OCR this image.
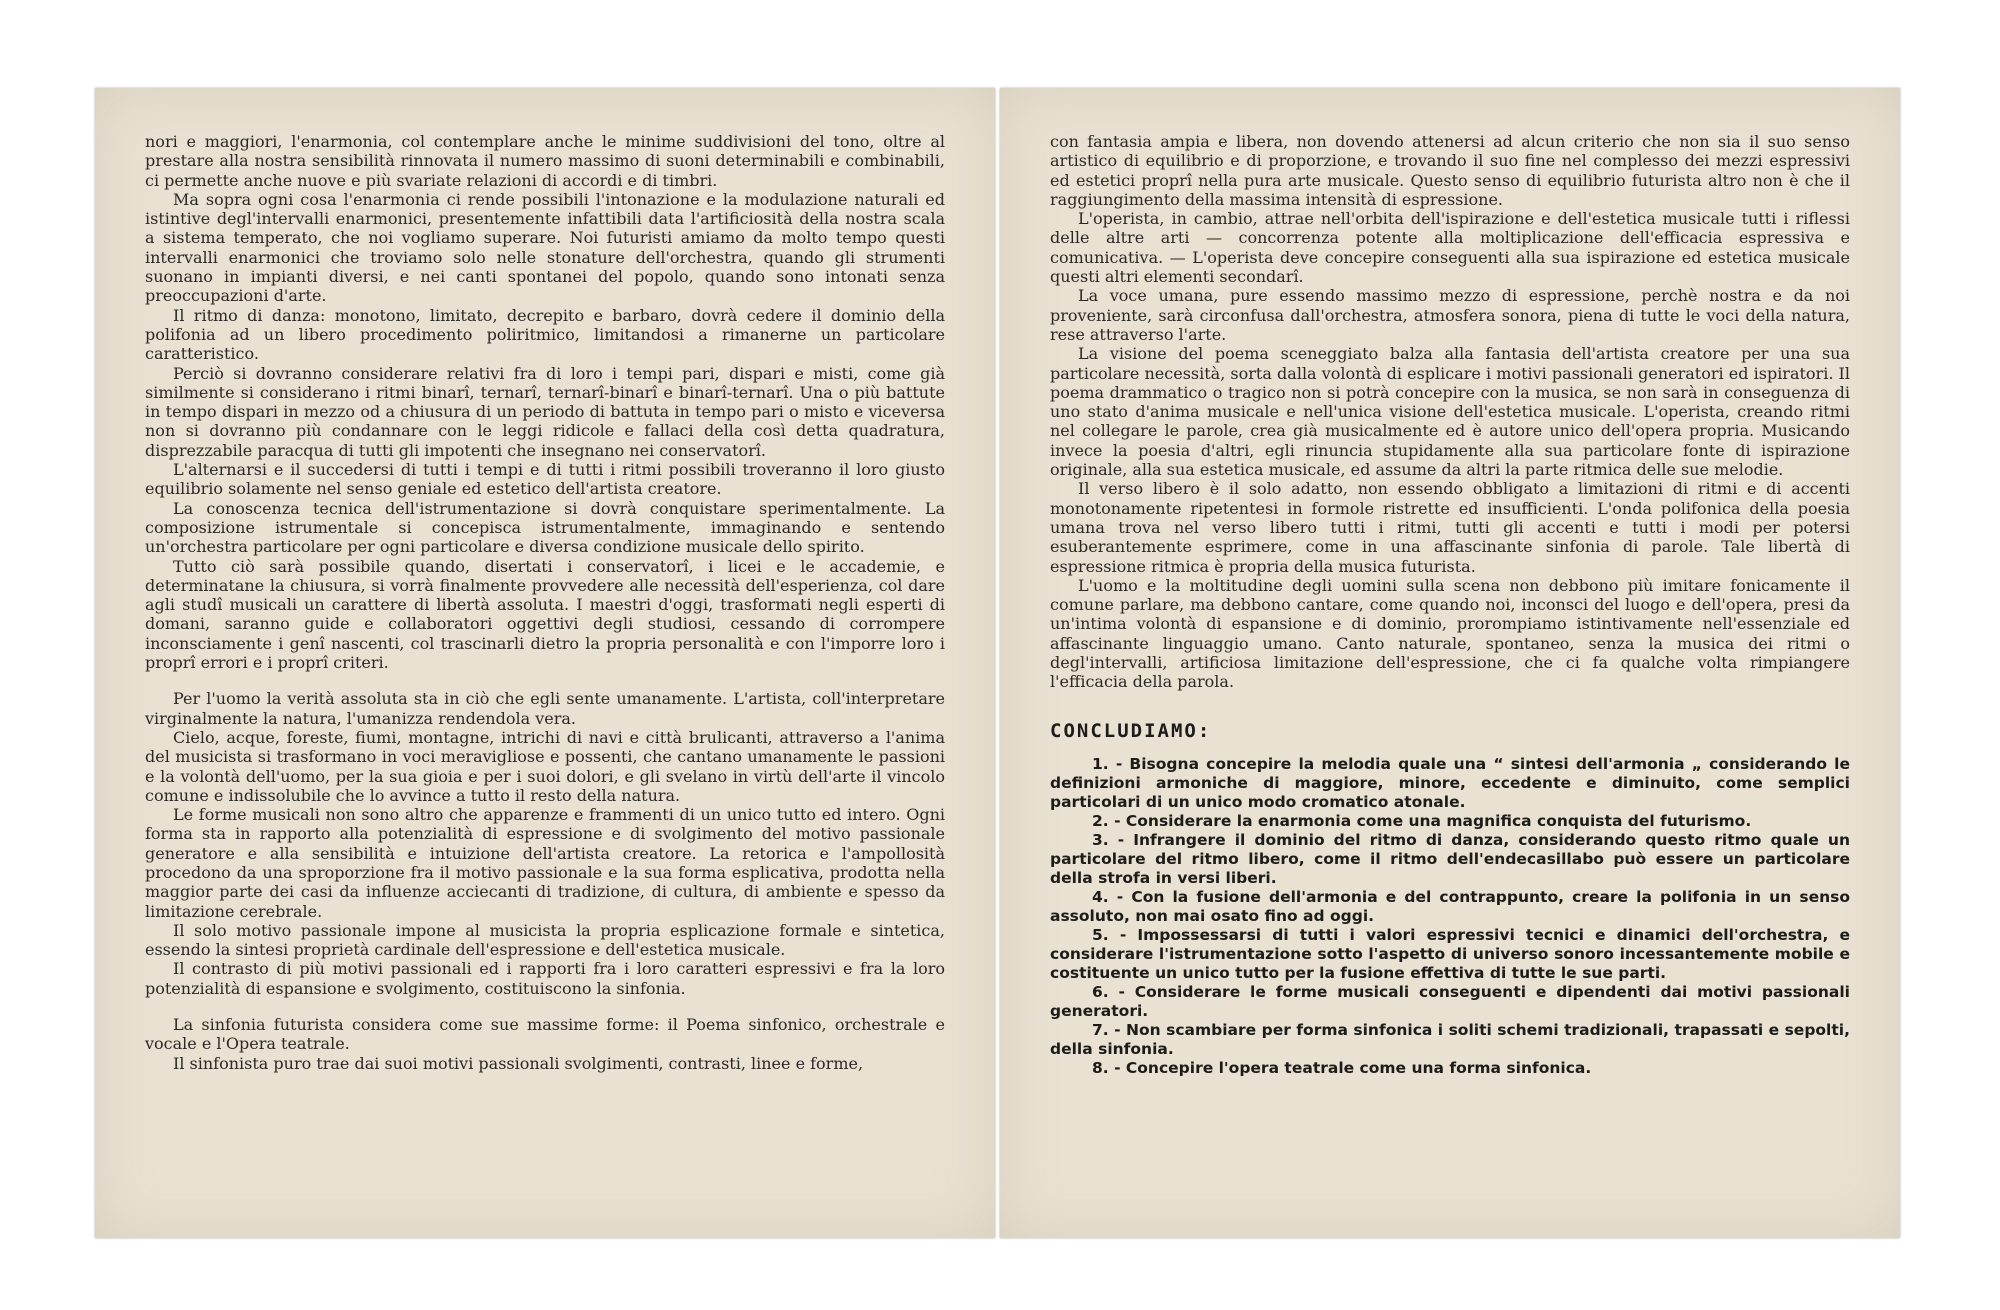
nori e maggiori, l'enarmonia, col contemplare anche le minime suddivisioni del tono, oltre al prestare alla nostra sensibilità rinnovata il numero massimo di suoni determinabili e combinabili, ci permette anche nuove e più svariate relazioni di accordi e di timbri.

Ma sopra ogni cosa l'enarmonia ci rende possibili l'intonazione e la modulazione naturali ed istintive degl'intervalli enarmonici, presentemente infattibili data l'artificiosità della nostra scala a sistema temperato, che noi vogliamo superare. Noi futuristi amiamo da molto tempo questi intervalli enarmonici che troviamo solo nelle stonature dell'orchestra, quando gli strumenti suonano in impianti diversi, e nei canti spontanei del popolo, quando sono intonati senza preoccupazioni d'arte.

Il ritmo di danza: monotono, limitato, decrepito e barbaro, dovrà cedere il dominio della polifonia ad un libero procedimento poliritmico, limitandosi a rimanerne un particolare caratteristico.

Perciò si dovranno considerare relativi fra di loro i tempi pari, dispari e misti, come già similmente si considerano i ritmi binarî, ternarî, ternarî-binarî e binarî-ternarî. Una o più battute in tempo dispari in mezzo od a chiusura di un periodo di battuta in tempo pari o misto e viceversa non si dovranno più condannare con le leggi ridicole e fallaci della così detta quadratura, disprezzabile paracqua di tutti gli impotenti che insegnano nei conservatorî.

L'alternarsi e il succedersi di tutti i tempi e di tutti i ritmi possibili troveranno il loro giusto equilibrio solamente nel senso geniale ed estetico dell'artista creatore.

La conoscenza tecnica dell'istrumentazione si dovrà conquistare sperimentalmente. La composizione istrumentale si concepisca istrumentalmente, immaginando e sentendo un'orchestra particolare per ogni particolare e diversa condizione musicale dello spirito.

Tutto ciò sarà possibile quando, disertati i conservatorî, i licei e le accademie, e determinatane la chiusura, si vorrà finalmente provvedere alle necessità dell'esperienza, col dare agli studî musicali un carattere di libertà assoluta. I maestri d'oggi, trasformati negli esperti di domani, saranno guide e collaboratori oggettivi degli studiosi, cessando di corrompere inconsciamente i genî nascenti, col trascinarli dietro la propria personalità e con l'imporre loro i proprî errori e i proprî criteri.

Per l'uomo la verità assoluta sta in ciò che egli sente umanamente. L'artista, coll'interpretare virginalmente la natura, l'umanizza rendendola vera.

Cielo, acque, foreste, fiumi, montagne, intrichi di navi e città brulicanti, attraverso a l'anima del musicista si trasformano in voci meravigliose e possenti, che cantano umanamente le passioni e la volontà dell'uomo, per la sua gioia e per i suoi dolori, e gli svelano in virtù dell'arte il vincolo comune e indissolubile che lo avvince a tutto il resto della natura.

Le forme musicali non sono altro che apparenze e frammenti di un unico tutto ed intero. Ogni forma sta in rapporto alla potenzialità di espressione e di svolgimento del motivo passionale generatore e alla sensibilità e intuizione dell'artista creatore. La retorica e l'ampollosità procedono da una sproporzione fra il motivo passionale e la sua forma esplicativa, prodotta nella maggior parte dei casi da influenze acciecanti di tradizione, di cultura, di ambiente e spesso da limitazione cerebrale.

Il solo motivo passionale impone al musicista la propria esplicazione formale e sintetica, essendo la sintesi proprietà cardinale dell'espressione e dell'estetica musicale.

Il contrasto di più motivi passionali ed i rapporti fra i loro caratteri espressivi e fra la loro potenzialità di espansione e svolgimento, costituiscono la sinfonia.

La sinfonia futurista considera come sue massime forme: il Poema sinfonico, orchestrale e vocale e l'Opera teatrale.

Il sinfonista puro trae dai suoi motivi passionali svolgimenti, contrasti, linee e forme,

con fantasia ampia e libera, non dovendo attenersi ad alcun criterio che non sia il suo senso artistico di equilibrio e di proporzione, e trovando il suo fine nel complesso dei mezzi espressivi ed estetici proprî nella pura arte musicale. Questo senso di equilibrio futurista altro non è che il raggiungimento della massima intensità di espressione.

L'operista, in cambio, attrae nell'orbita dell'ispirazione e dell'estetica musicale tutti i riflessi delle altre arti — concorrenza potente alla moltiplicazione dell'efficacia espressiva e comunicativa. — L'operista deve concepire conseguenti alla sua ispirazione ed estetica musicale questi altri elementi secondarî.

La voce umana, pure essendo massimo mezzo di espressione, perchè nostra e da noi proveniente, sarà circonfusa dall'orchestra, atmosfera sonora, piena di tutte le voci della natura, rese attraverso l'arte.

La visione del poema sceneggiato balza alla fantasia dell'artista creatore per una sua particolare necessità, sorta dalla volontà di esplicare i motivi passionali generatori ed ispiratori. Il poema drammatico o tragico non si potrà concepire con la musica, se non sarà in conseguenza di uno stato d'anima musicale e nell'unica visione dell'estetica musicale. L'operista, creando ritmi nel collegare le parole, crea già musicalmente ed è autore unico dell'opera propria. Musicando invece la poesia d'altri, egli rinuncia stupidamente alla sua particolare fonte di ispirazione originale, alla sua estetica musicale, ed assume da altri la parte ritmica delle sue melodie.

Il verso libero è il solo adatto, non essendo obbligato a limitazioni di ritmi e di accenti monotonamente ripetentesi in formole ristrette ed insufficienti. L'onda polifonica della poesia umana trova nel verso libero tutti i ritmi, tutti gli accenti e tutti i modi per potersi esuberantemente esprimere, come in una affascinante sinfonia di parole. Tale libertà di espressione ritmica è propria della musica futurista.

L'uomo e la moltitudine degli uomini sulla scena non debbono più imitare fonicamente il comune parlare, ma debbono cantare, come quando noi, inconsci del luogo e dell'opera, presi da un'intima volontà di espansione e di dominio, prorompiamo istintivamente nell'essenziale ed affascinante linguaggio umano. Canto naturale, spontaneo, senza la musica dei ritmi o degl'intervalli, artificiosa limitazione dell'espressione, che ci fa qualche volta rimpiangere l'efficacia della parola.

CONCLUDIAMO:
1. - Bisogna concepire la melodia quale una “ sintesi dell'armonia „ considerando le definizioni armoniche di maggiore, minore, eccedente e diminuito, come semplici particolari di un unico modo cromatico atonale.
2. - Considerare la enarmonia come una magnifica conquista del futurismo.
3. - Infrangere il dominio del ritmo di danza, considerando questo ritmo quale un particolare del ritmo libero, come il ritmo dell'endecasillabo può essere un particolare della strofa in versi liberi.
4. - Con la fusione dell'armonia e del contrappunto, creare la polifonia in un senso assoluto, non mai osato fino ad oggi.
5. - Impossessarsi di tutti i valori espressivi tecnici e dinamici dell'orchestra, e considerare l'istrumentazione sotto l'aspetto di universo sonoro incessantemente mobile e costituente un unico tutto per la fusione effettiva di tutte le sue parti.
6. - Considerare le forme musicali conseguenti e dipendenti dai motivi passionali generatori.
7. - Non scambiare per forma sinfonica i soliti schemi tradizionali, trapassati e sepolti, della sinfonia.
8. - Concepire l'opera teatrale come una forma sinfonica.
